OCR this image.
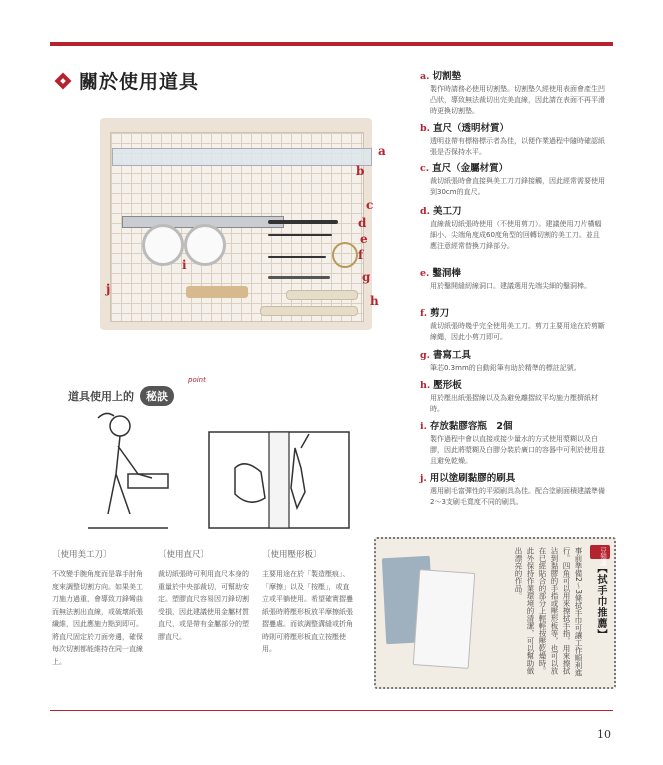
關於使用道具
a
b
c
d
e
f
g
h
i
j
a. 切割墊
製作時請務必使用切割墊。切割墊久經使用表面會產生凹凸狀，導致無法裁切出完美直線，因此請在表面不再平滑時更換切割墊。
b. 直尺（透明材質）
透明並帶有標格標示者為佳，以便作業過程中隨時確認紙張是否保持水平。
c. 直尺（金屬材質）
裁切紙張時會直接與美工刀刀鋒接觸，因此經常需要使用到30cm的直尺。
d. 美工刀
直線裁切紙張時使用（不使用剪刀）。建議使用刀片橫幅細小、尖端角度成60度角型的回轉切割的美工刀。並且應注意經常替換刀鋒部分。
e. 鑿洞棒
用於鑿開縫紉線洞口。建議選用先端尖細的鑿洞棒。
f. 剪刀
裁切紙張時幾乎完全使用美工刀。剪刀主要用途在於剪斷線繩，因此小剪刀即可。
g. 書寫工具
筆芯0.3mm的自動鉛筆有助於精準的標註記號。
h. 壓形板
用於壓出紙張摺線以及為避免離摺紋平均施力壓擠紙材時。
i. 存放黏膠容瓶　2個
製作過程中會以直接或接少量水的方式使用漿糊以及白膠，因此將漿糊及白膠分裝於廣口的容器中可利於使用並且避免乾燥。
j. 用以塗刷黏膠的刷具
選用刷毛富彈性的平頭刷具為佳。配合塗刷面積建議準備2～3支刷毛寬度不同的刷具。
道具使用上的	秘訣
point
〔使用美工刀〕
不改變手腕角度而是靠手肘角度來調整切割方向。如果美工刀施力過重，會導致刀鋒彎曲而無法割出直線，或破壞紙張纖維，因此應施力點到即可。將直尺固定於刀面旁邊，確保每次切割都能維持在同一直線上。
〔使用直尺〕
裁切紙張時可利用直尺本身的重量於中央部裁切，可幫助安定。塑膠直尺容易因刀鋒切割受損，因此建議使用金屬材質直尺，或是帶有金屬部分的塑膠直尺。
〔使用壓形板〕
主要用途在於「製造壓痕」、「摩擦」以及「按壓」，或直立或平躺使用。希望確實摺疊紙張時將壓形板放平摩擦紙張摺疊處。而欲調整溝縫或折角時則可將壓形板直立按壓使用。	事前準備2～3條拭手巾可讓工作順利進行。四角可以用來擦拭手指，用來擦拭沾到黏膠的手指或壓形板等，也可以放在已經貼合的部分上輕輕按壓乾燥時。此外保持作業環境的清潔，可以幫助做出漂亮的作品。	豆知識
【拭手巾推薦】
10
